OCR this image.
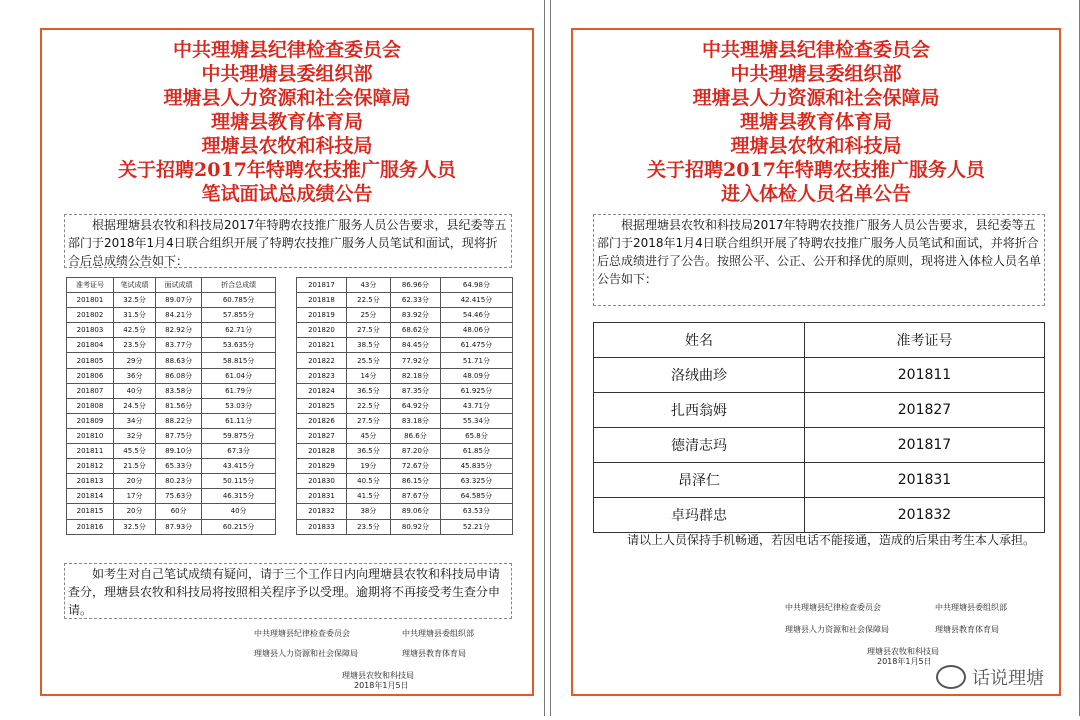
中共理塘县纪律检查委员会
中共理塘县委组织部
理塘县人力资源和社会保障局
理塘县教育体育局
理塘县农牧和科技局
关于招聘2017年特聘农技推广服务人员
笔试面试总成绩公告
　　根据理塘县农牧和科技局2017年特聘农技推广服务人员公告要求，县纪委等五部门于2018年1月4日联合组织开展了特聘农技推广服务人员笔试和面试，现将折合后总成绩公告如下：
准考证号	笔试成绩	面试成绩	折合总成绩
201801	32.5分	89.07分	60.785分
201802	31.5分	84.21分	57.855分
201803	42.5分	82.92分	62.71分
201804	23.5分	83.77分	53.635分
201805	29分	88.63分	58.815分
201806	36分	86.08分	61.04分
201807	40分	83.58分	61.79分
201808	24.5分	81.56分	53.03分
201809	34分	88.22分	61.11分
201810	32分	87.75分	59.875分
201811	45.5分	89.10分	67.3分
201812	21.5分	65.33分	43.415分
201813	20分	80.23分	50.115分
201814	17分	75.63分	46.315分
201815	20分	60分	40分
201816	32.5分	87.93分	60.215分
201817	43分	86.96分	64.98分
201818	22.5分	62.33分	42.415分
201819	25分	83.92分	54.46分
201820	27.5分	68.62分	48.06分
201821	38.5分	84.45分	61.475分
201822	25.5分	77.92分	51.71分
201823	14分	82.18分	48.09分
201824	36.5分	87.35分	61.925分
201825	22.5分	64.92分	43.71分
201826	27.5分	83.18分	55.34分
201827	45分	86.6分	65.8分
201828	36.5分	87.20分	61.85分
201829	19分	72.67分	45.835分
201830	40.5分	86.15分	63.325分
201831	41.5分	87.67分	64.585分
201832	38分	89.06分	63.53分
201833	23.5分	80.92分	52.21分
　　如考生对自己笔试成绩有疑问，请于三个工作日内向理塘县农牧和科技局申请查分，理塘县农牧和科技局将按照相关程序予以受理。逾期将不再接受考生查分申请。
中共理塘县纪律检查委员会	中共理塘县委组织部
理塘县人力资源和社会保障局	理塘县教育体育局
理塘县农牧和科技局
2018年1月5日
中共理塘县纪律检查委员会
中共理塘县委组织部
理塘县人力资源和社会保障局
理塘县教育体育局
理塘县农牧和科技局
关于招聘2017年特聘农技推广服务人员
进入体检人员名单公告
　　根据理塘县农牧和科技局2017年特聘农技推广服务人员公告要求，县纪委等五部门于2018年1月4日联合组织开展了特聘农技推广服务人员笔试和面试，并将折合后总成绩进行了公告。按照公平、公正、公开和择优的原则，现将进入体检人员名单公告如下：
姓名	准考证号
洛绒曲珍	201811
扎西翁姆	201827
德清志玛	201817
昂泽仁	201831
卓玛群忠	201832
　　请以上人员保持手机畅通，若因电话不能接通，造成的后果由考生本人承担。
中共理塘县纪律检查委员会	中共理塘县委组织部
理塘县人力资源和社会保障局	理塘县教育体育局
理塘县农牧和科技局
2018年1月5日
话说理塘
